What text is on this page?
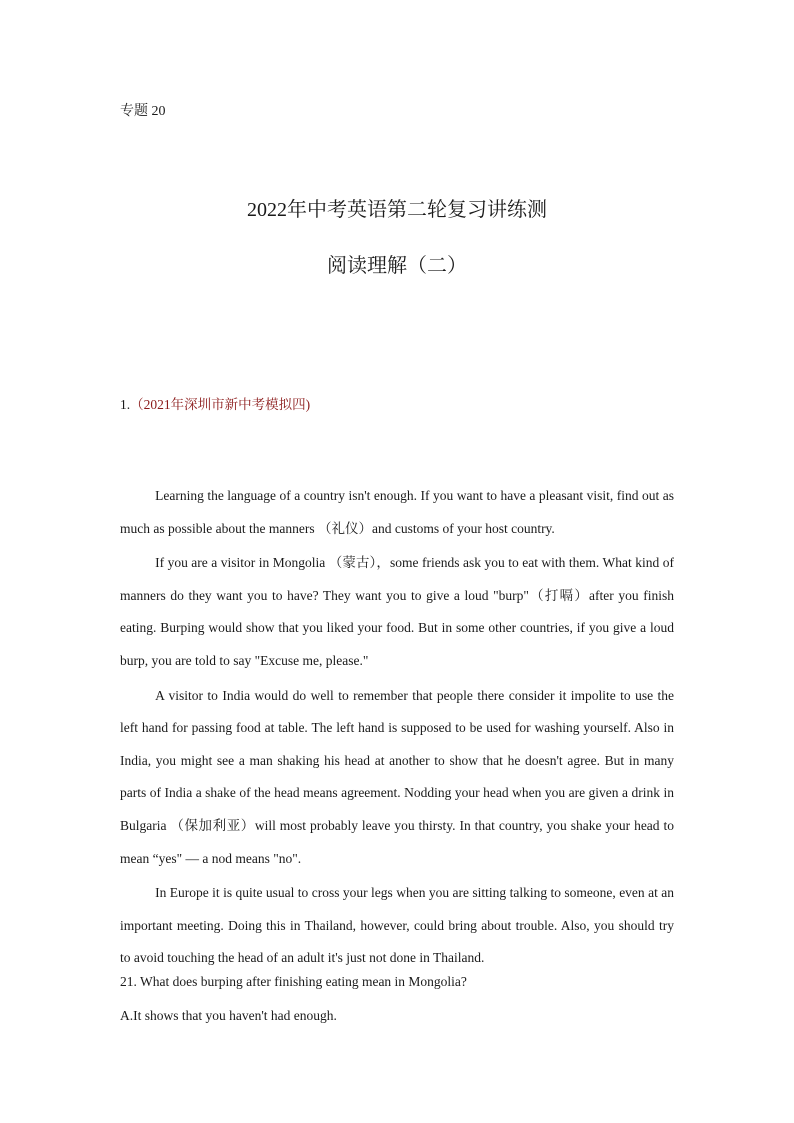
专题 20
2022年中考英语第二轮复习讲练测
阅读理解（二）
1.（2021年深圳市新中考模拟四)

Learning the language of a country isn't enough. If you want to have a pleasant visit, find out as much as possible about the manners （礼仪）and customs of your host country.

If you are a visitor in Mongolia （蒙古），some friends ask you to eat with them. What kind of manners do they want you to have? They want you to give a loud "burp"（打嗝）after you finish eating. Burping would show that you liked your food. But in some other countries, if you give a loud burp, you are told to say "Excuse me, please."

A visitor to India would do well to remember that people there consider it impolite to use the left hand for passing food at table. The left hand is supposed to be used for washing yourself. Also in India, you might see a man shaking his head at another to show that he doesn't agree. But in many parts of India a shake of the head means agreement. Nodding your head when you are given a drink in Bulgaria （保加利亚）will most probably leave you thirsty. In that country, you shake your head to mean “yes" — a nod means "no".

In Europe it is quite usual to cross your legs when you are sitting talking to someone, even at an important meeting. Doing this in Thailand, however, could bring about trouble. Also, you should try to avoid touching the head of an adult it's just not done in Thailand.

21. What does burping after finishing eating mean in Mongolia?
A.It shows that you haven't had enough.
